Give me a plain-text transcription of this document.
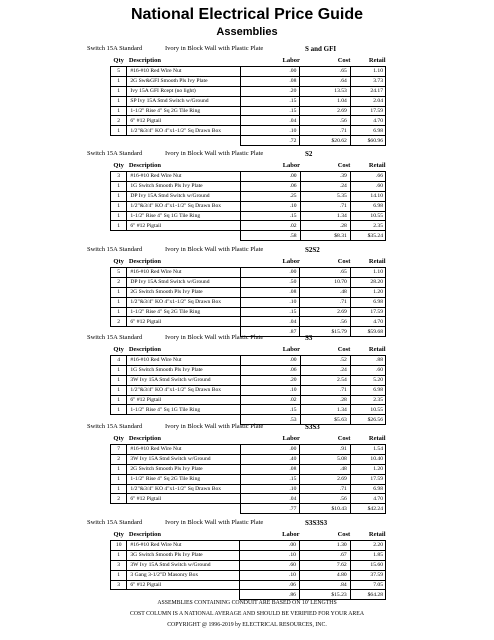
National Electrical Price Guide
Assemblies
Switch 15A Standard	Ivory in Block Wall with Plastic Plate	S and GFI
Qty	Description	Labor	Cost	Retail
5	#16-#10 Red Wire Nut	.00	.65	1.10
1	2G Sw&GFI Smooth Pls Ivy Plate	.08	.64	3.73
1	Ivy 15A GFI Rcept (no light)	.20	13.53	24.17
1	SP Ivy 15A Stnd Switch w/Ground	.15	1.04	2.04
1	1-1/2" Rise 4" Sq 2G Tile Ring	.15	2.69	17.59
2	6" #12 Pigtail	.04	.56	4.70
1	1/2"&3/4" KO 4"x1-1/2" Sq Drawn Box	.10	.71	6.98
		.72	$20.62	$60.96
Switch 15A Standard	Ivory in Block Wall with Plastic Plate	S2
Qty	Description	Labor	Cost	Retail
3	#16-#10 Red Wire Nut	.00	.39	.66
1	1G Switch Smooth Pls Ivy Plate	.06	.24	.60
1	DP Ivy 15A Stnd Switch w/Ground	.25	5.35	14.10
1	1/2"&3/4" KO 4"x1-1/2" Sq Drawn Box	.10	.71	6.98
1	1-1/2" Rise 4" Sq 1G Tile Ring	.15	1.34	10.55
1	6" #12 Pigtail	.02	.28	2.35
		.58	$8.31	$35.24
Switch 15A Standard	Ivory in Block Wall with Plastic Plate	S2S2
Qty	Description	Labor	Cost	Retail
5	#16-#10 Red Wire Nut	.00	.65	1.10
2	DP Ivy 15A Stnd Switch w/Ground	.50	10.70	28.20
1	2G Switch Smooth Pls Ivy Plate	.08	.48	1.20
1	1/2"&3/4" KO 4"x1-1/2" Sq Drawn Box	.10	.71	6.98
1	1-1/2" Rise 4" Sq 2G Tile Ring	.15	2.69	17.59
2	6" #12 Pigtail	.04	.56	4.70
		.87	$15.79	$59.68
Switch 15A Standard	Ivory in Block Wall with Plastic Plate	S3
Qty	Description	Labor	Cost	Retail
4	#16-#10 Red Wire Nut	.00	.52	.88
1	1G Switch Smooth Pls Ivy Plate	.06	.24	.60
1	3W Ivy 15A Stnd Switch w/Ground	.20	2.54	5.20
1	1/2"&3/4" KO 4"x1-1/2" Sq Drawn Box	.10	.71	6.98
1	6" #12 Pigtail	.02	.28	2.35
1	1-1/2" Rise 4" Sq 1G Tile Ring	.15	1.34	10.55
		.53	$5.63	$26.56
Switch 15A Standard	Ivory in Block Wall with Plastic Plate	S3S3
Qty	Description	Labor	Cost	Retail
7	#16-#10 Red Wire Nut	.00	.91	1.54
2	3W Ivy 15A Stnd Switch w/Ground	.40	5.08	10.40
1	2G Switch Smooth Pls Ivy Plate	.08	.48	1.20
1	1-1/2" Rise 4" Sq 2G Tile Ring	.15	2.69	17.59
1	1/2"&3/4" KO 4"x1-1/2" Sq Drawn Box	.10	.71	6.98
2	6" #12 Pigtail	.04	.56	4.70
		.77	$10.43	$42.24
Switch 15A Standard	Ivory in Block Wall with Plastic Plate	S3S3S3
Qty	Description	Labor	Cost	Retail
10	#16-#10 Red Wire Nut	.00	1.30	2.20
1	3G Switch Smooth Pls Ivy Plate	.10	.67	1.85
3	3W Ivy 15A Stnd Switch w/Ground	.60	7.62	15.60
1	3 Gang 3-1/2"D Masonry Box	.10	4.80	37.59
3	6" #12 Pigtail	.06	.84	7.05
		.86	$15.23	$64.28
ASSEMBLIES CONTAINING CONDUIT ARE BASED ON 10' LENGTHS
COST COLUMN IS A NATIONAL AVERAGE AND SHOULD BE VERIFIED FOR YOUR AREA
COPYRIGHT @ 1996-2019 by ELECTRICAL RESOURCES, INC.
